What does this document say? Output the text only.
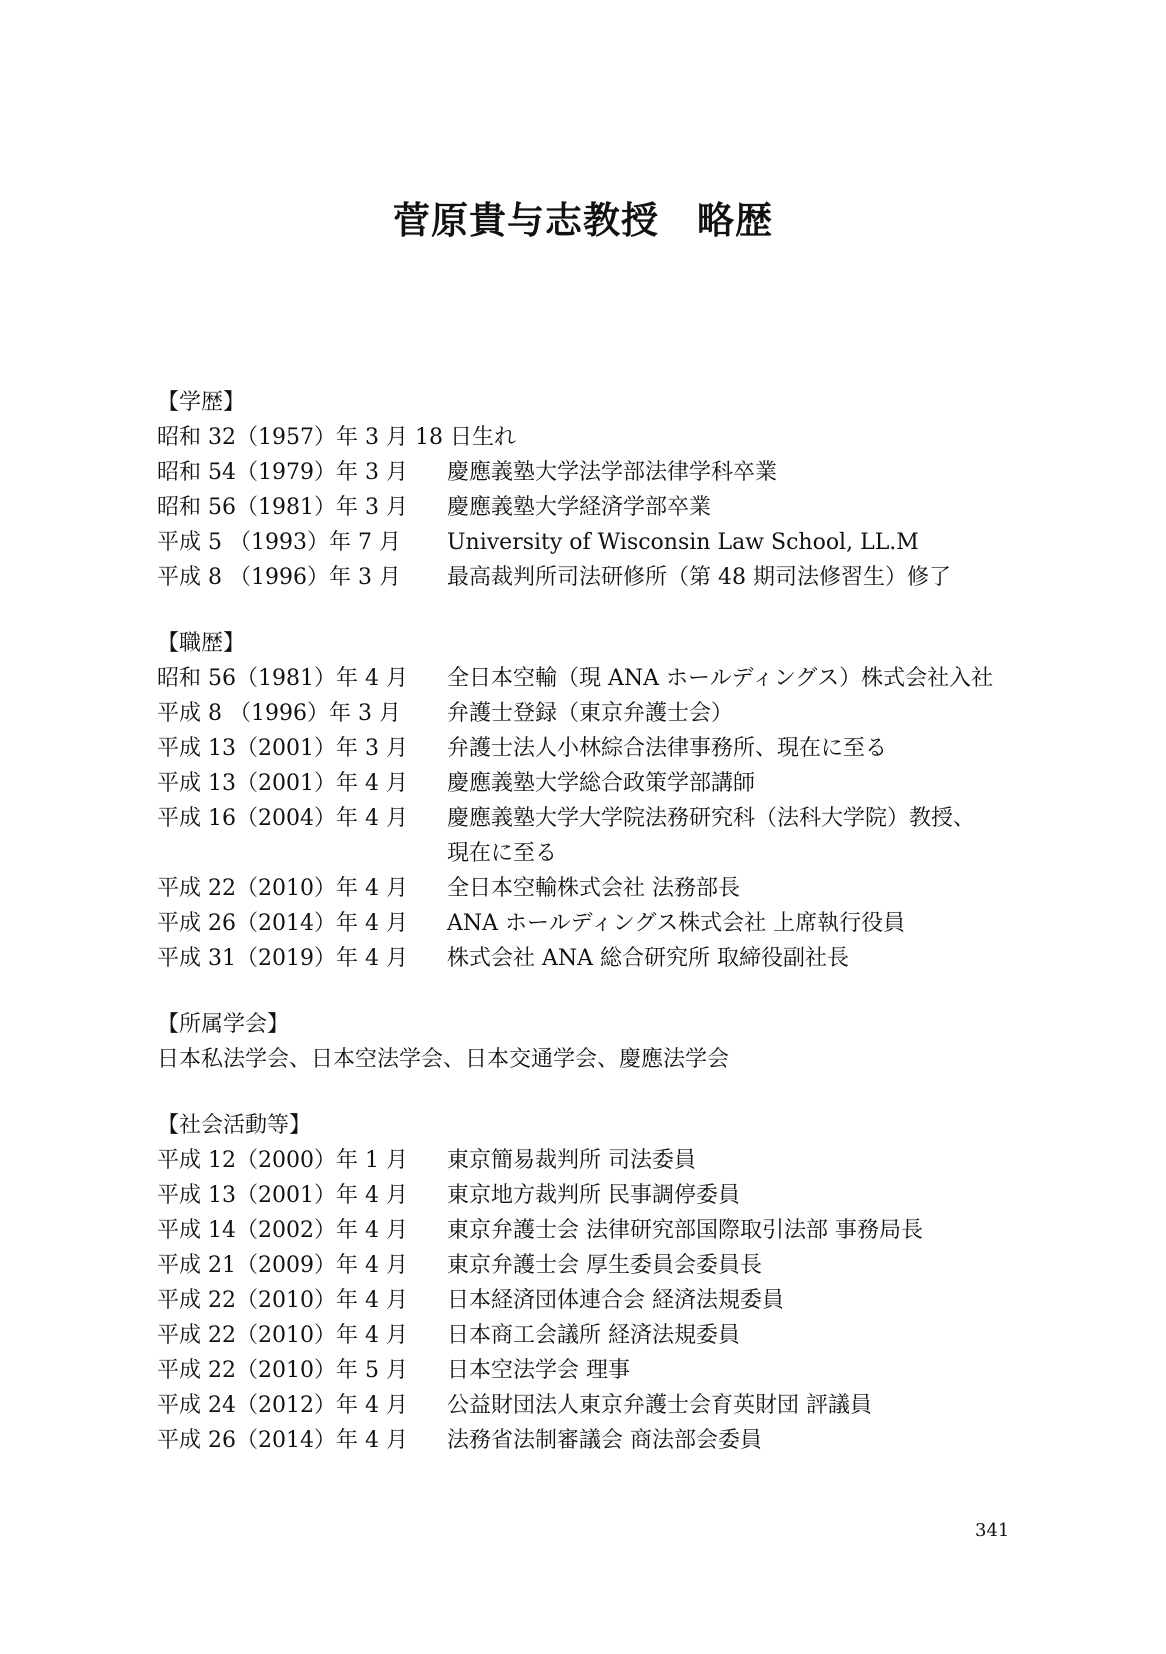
菅原貴与志教授　略歴
【学歴】
昭和 32（1957）年 3 月 18 日生れ
昭和 54（1979）年 3 月	慶應義塾大学法学部法律学科卒業
昭和 56（1981）年 3 月	慶應義塾大学経済学部卒業
平成 5 （1993）年 7 月	University of Wisconsin Law School, LL.M
平成 8 （1996）年 3 月	最高裁判所司法研修所（第 48 期司法修習生）修了
【職歴】
昭和 56（1981）年 4 月	全日本空輸（現 ANA ホールディングス）株式会社入社
平成 8 （1996）年 3 月	弁護士登録（東京弁護士会）
平成 13（2001）年 3 月	弁護士法人小林綜合法律事務所、現在に至る
平成 13（2001）年 4 月	慶應義塾大学総合政策学部講師
平成 16（2004）年 4 月	慶應義塾大学大学院法務研究科（法科大学院）教授、
現在に至る
平成 22（2010）年 4 月	全日本空輸株式会社 法務部長
平成 26（2014）年 4 月	ANA ホールディングス株式会社 上席執行役員
平成 31（2019）年 4 月	株式会社 ANA 総合研究所 取締役副社長
【所属学会】
日本私法学会、日本空法学会、日本交通学会、慶應法学会
【社会活動等】
平成 12（2000）年 1 月	東京簡易裁判所 司法委員
平成 13（2001）年 4 月	東京地方裁判所 民事調停委員
平成 14（2002）年 4 月	東京弁護士会 法律研究部国際取引法部 事務局長
平成 21（2009）年 4 月	東京弁護士会 厚生委員会委員長
平成 22（2010）年 4 月	日本経済団体連合会 経済法規委員
平成 22（2010）年 4 月	日本商工会議所 経済法規委員
平成 22（2010）年 5 月	日本空法学会 理事
平成 24（2012）年 4 月	公益財団法人東京弁護士会育英財団 評議員
平成 26（2014）年 4 月	法務省法制審議会 商法部会委員
341
